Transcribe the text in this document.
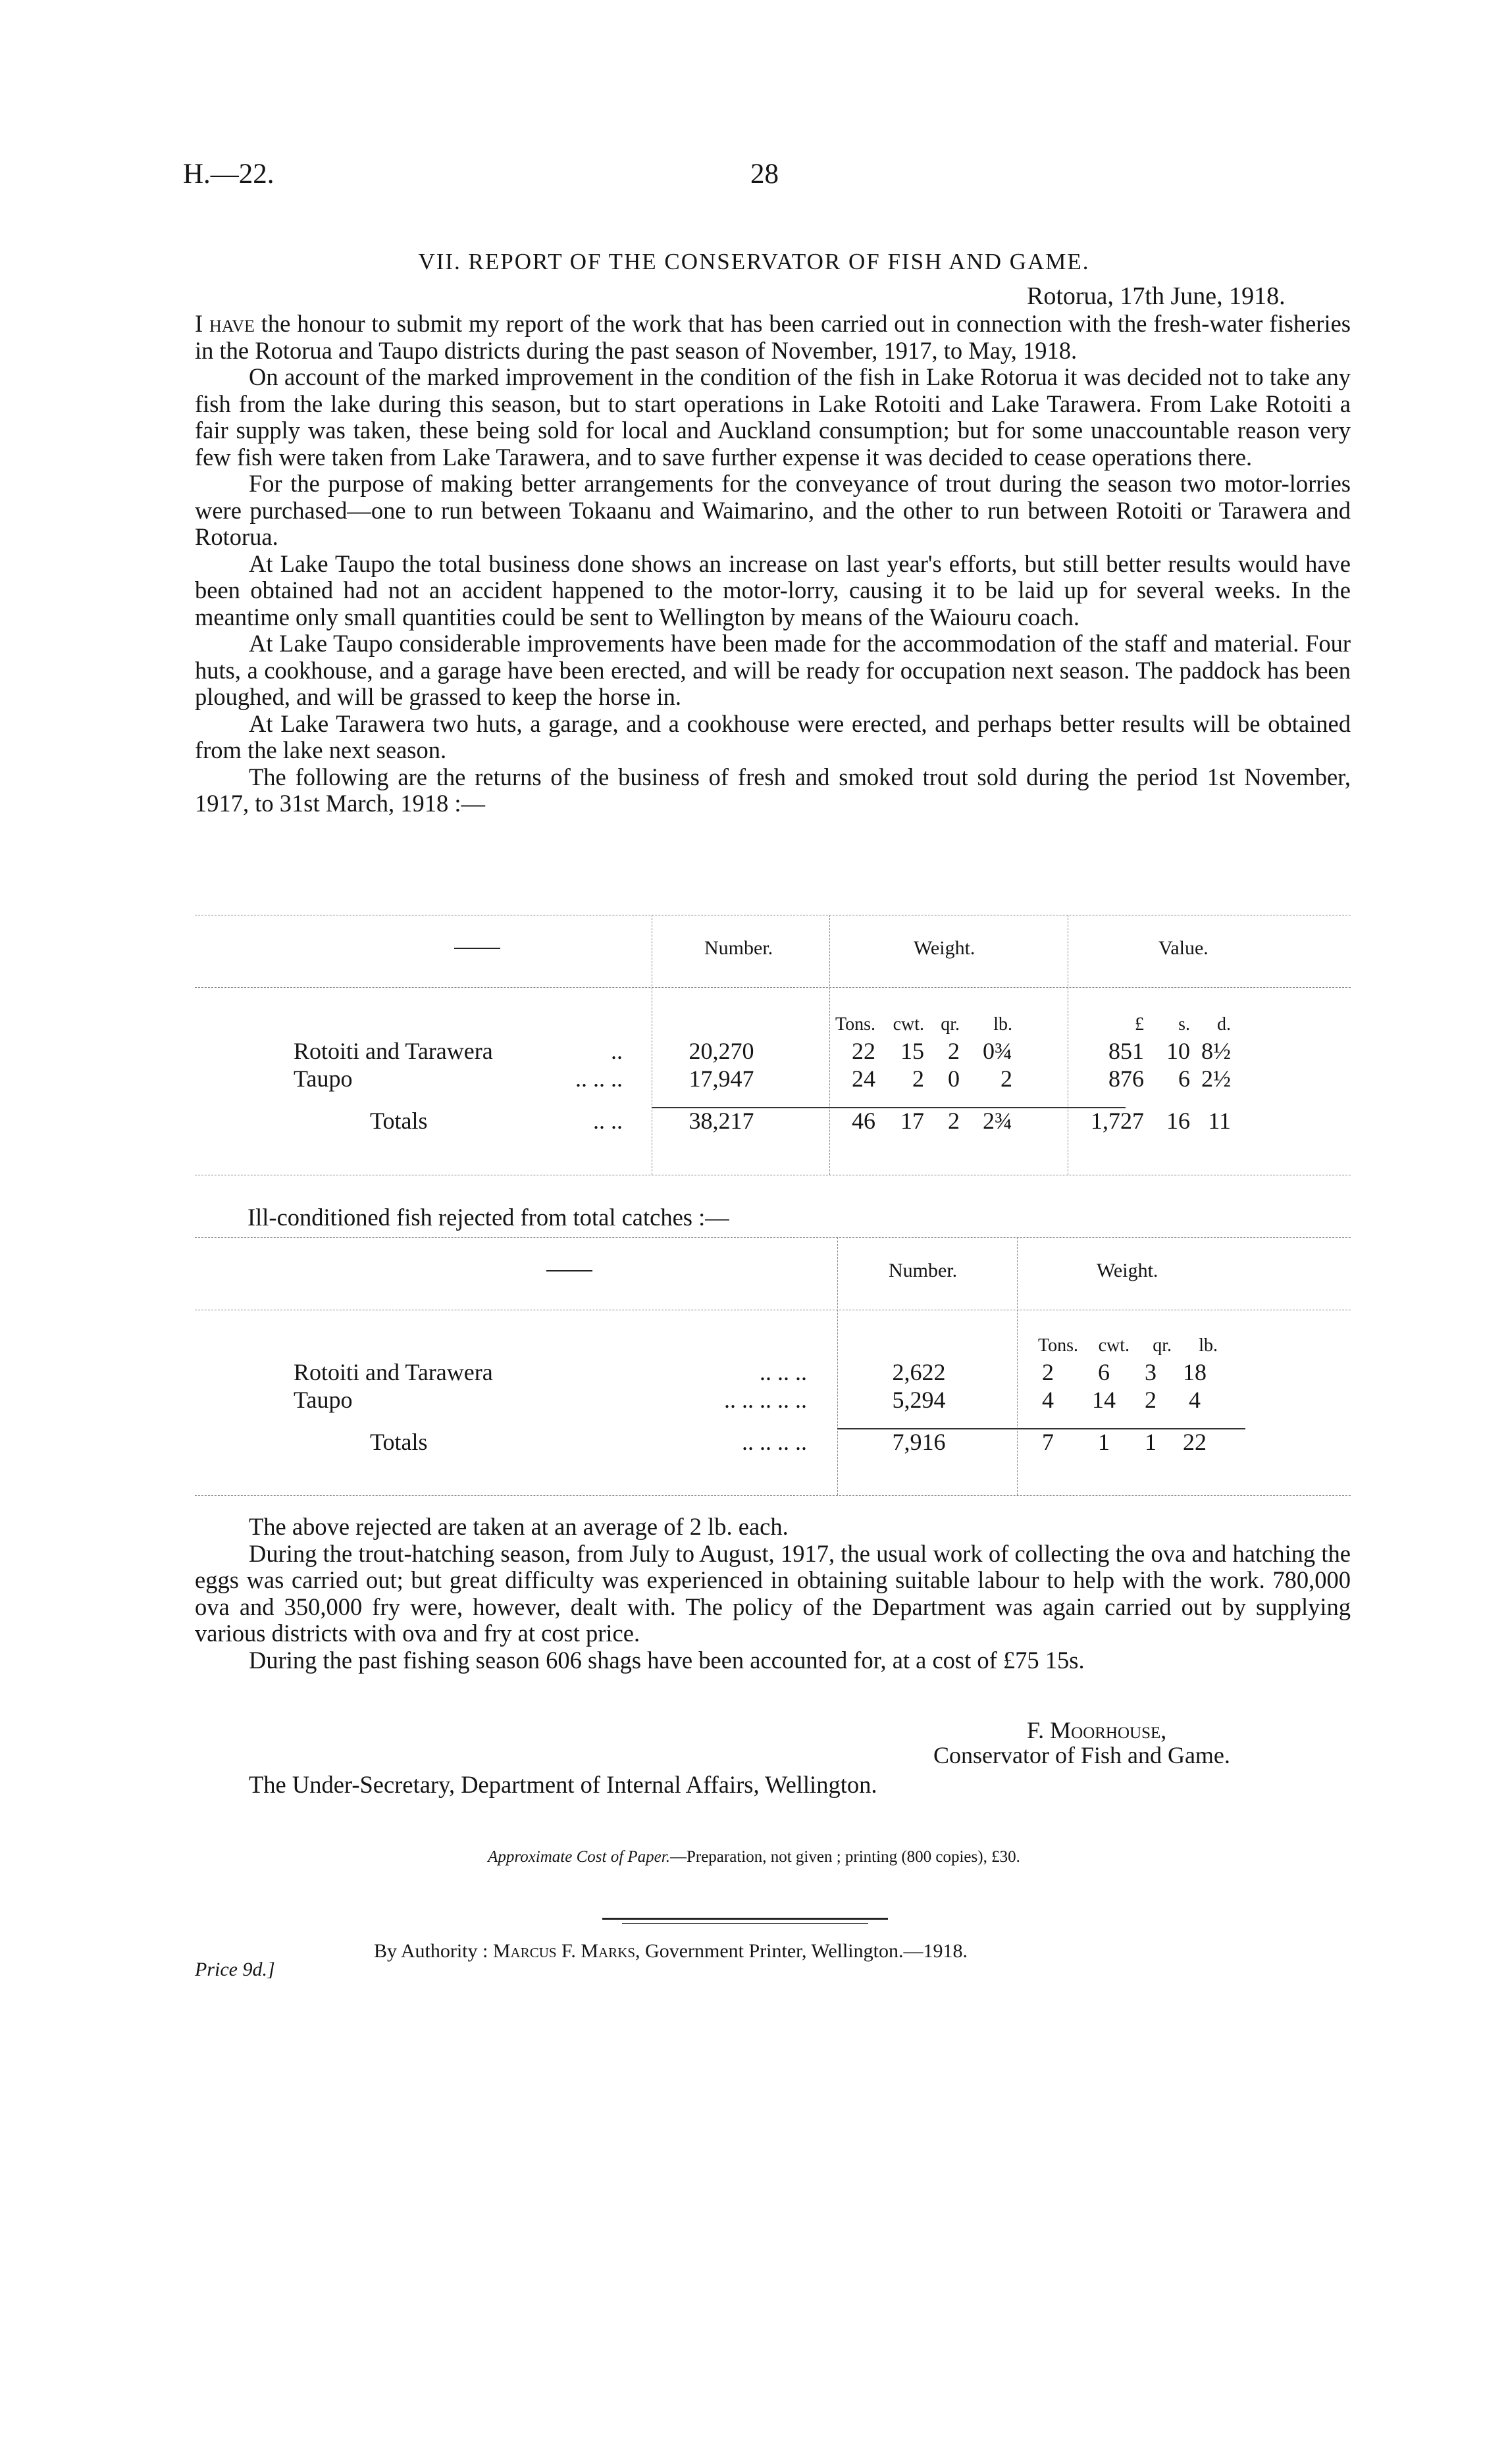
H.—22.	28
VII. REPORT OF THE CONSERVATOR OF FISH AND GAME.
Rotorua, 17th June, 1918.

I have the honour to submit my report of the work that has been carried out in connection with the fresh-water fisheries in the Rotorua and Taupo districts during the past season of November, 1917, to May, 1918.

On account of the marked improvement in the condition of the fish in Lake Rotorua it was decided not to take any fish from the lake during this season, but to start operations in Lake Rotoiti and Lake Tarawera. From Lake Rotoiti a fair supply was taken, these being sold for local and Auckland consumption; but for some unaccountable reason very few fish were taken from Lake Tarawera, and to save further expense it was decided to cease operations there.

For the purpose of making better arrangements for the conveyance of trout during the season two motor-lorries were purchased—one to run between Tokaanu and Waimarino, and the other to run between Rotoiti or Tarawera and Rotorua.

At Lake Taupo the total business done shows an increase on last year's efforts, but still better results would have been obtained had not an accident happened to the motor-lorry, causing it to be laid up for several weeks. In the meantime only small quantities could be sent to Wellington by means of the Waiouru coach.

At Lake Taupo considerable improvements have been made for the accommodation of the staff and material. Four huts, a cookhouse, and a garage have been erected, and will be ready for occupation next season. The paddock has been ploughed, and will be grassed to keep the horse in.

At Lake Tarawera two huts, a garage, and a cookhouse were erected, and perhaps better results will be obtained from the lake next season.

The following are the returns of the business of fresh and smoked trout sold during the period 1st November, 1917, to 31st March, 1918 :—

Number.	Weight.	Value.
			Tons.	cwt.	qr.	lb.		£	s.	d.
Rotoiti and Tarawera	..	20,270	22	15	2	0¾		851	10	8½
Taupo	.. .. ..	17,947	24	2	0	2		876	6	2½
Totals	.. ..	38,217	46	17	2	2¾		1,727	16	11
Ill-conditioned fish rejected from total catches :—
Number.	Weight.
			Tons.	cwt.	qr.	lb.
Rotoiti and Tarawera	.. .. ..	2,622	2	6	3	18
Taupo	.. .. .. .. ..	5,294	4	14	2	4
Totals	.. .. .. ..	7,916	7	1	1	22

The above rejected are taken at an average of 2 lb. each.

During the trout-hatching season, from July to August, 1917, the usual work of collecting the ova and hatching the eggs was carried out; but great difficulty was experienced in obtaining suitable labour to help with the work. 780,000 ova and 350,000 fry were, however, dealt with. The policy of the Department was again carried out by supplying various districts with ova and fry at cost price.

During the past fishing season 606 shags have been accounted for, at a cost of £75 15s.

F. Moorhouse,
Conservator of Fish and Game.
The Under-Secretary, Department of Internal Affairs, Wellington.
Approximate Cost of Paper.—Preparation, not given ; printing (800 copies), £30.
By Authority : Marcus F. Marks, Government Printer, Wellington.—1918.
Price 9d.]
